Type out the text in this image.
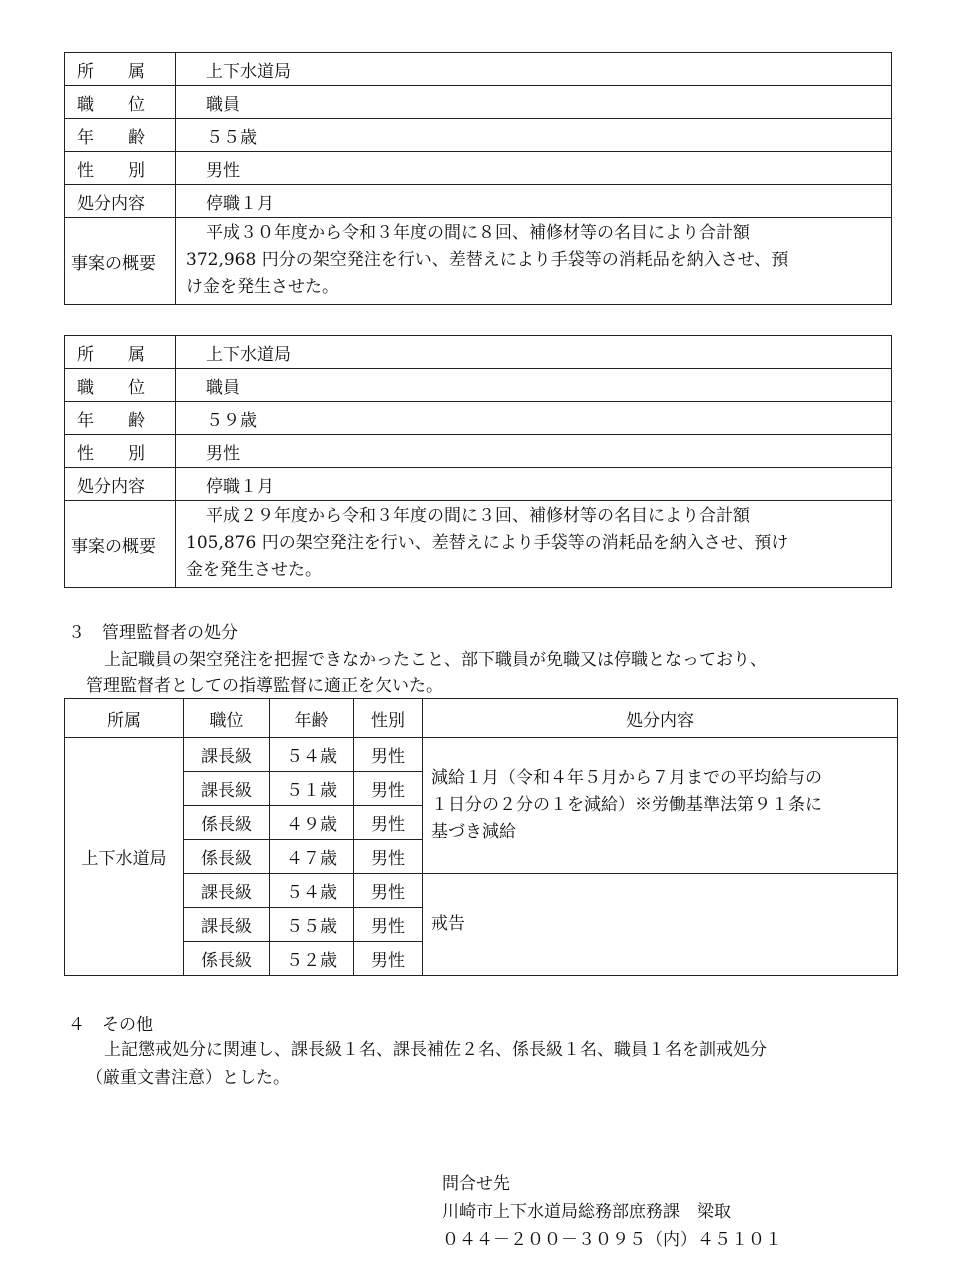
所　　属	上下水道局
職　　位	職員
年　　齢	５５歳
性　　別	男性
処分内容	停職１月
事案の概要	平成３０年度から令和３年度の間に８回、補修材等の名目により合計額
372,968 円分の架空発注を行い、差替えにより手袋等の消耗品を納入させ、預
け金を発生させた。
所　　属	上下水道局
職　　位	職員
年　　齢	５９歳
性　　別	男性
処分内容	停職１月
事案の概要	平成２９年度から令和３年度の間に３回、補修材等の名目により合計額
105,876 円の架空発注を行い、差替えにより手袋等の消耗品を納入させ、預け
金を発生させた。
３　管理監督者の処分
上記職員の架空発注を把握できなかったこと、部下職員が免職又は停職となっており、
管理監督者としての指導監督に適正を欠いた。
所属	職位	年齢	性別	処分内容
上下水道局	課長級	５４歳	男性	減給１月（令和４年５月から７月までの平均給与の
１日分の２分の１を減給）※労働基準法第９１条に
基づき減給

	課長級	５１歳	男性	
	係長級	４９歳	男性	
	係長級	４７歳	男性	
	課長級	５４歳	男性	戒告
	課長級	５５歳	男性	
	係長級	５２歳	男性	
４　その他
上記懲戒処分に関連し、課長級１名、課長補佐２名、係長級１名、職員１名を訓戒処分
（厳重文書注意）とした。
問合せ先
川崎市上下水道局総務部庶務課　梁取
０４４－２００－３０９５（内）４５１０１
